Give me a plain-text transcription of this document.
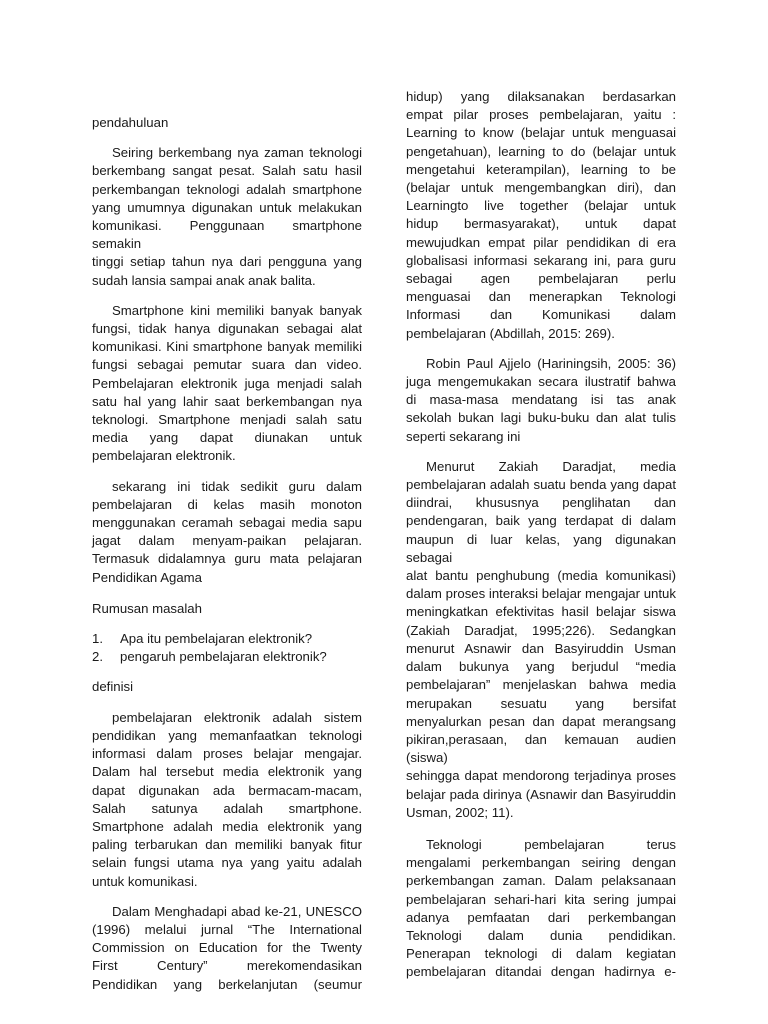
pendahuluan

Seiring berkembang nya zaman teknologi

berkembang sangat pesat. Salah satu hasil

perkembangan teknologi adalah smartphone

yang umumnya digunakan untuk melakukan

komunikasi. Penggunaan smartphone semakin

tinggi setiap tahun nya dari pengguna yang

sudah lansia sampai anak anak balita.

Smartphone kini memiliki banyak banyak

fungsi, tidak hanya digunakan sebagai alat

komunikasi. Kini smartphone banyak memiliki

fungsi sebagai pemutar suara dan video.

Pembelajaran elektronik juga menjadi salah

satu hal yang lahir saat berkembangan nya

teknologi. Smartphone menjadi salah satu

media yang dapat diunakan untuk

pembelajaran elektronik.

sekarang ini tidak sedikit guru dalam

pembelajaran di kelas masih monoton

menggunakan ceramah sebagai media sapu

jagat dalam menyam-paikan pelajaran.

Termasuk didalamnya guru mata pelajaran

Pendidikan Agama

Rumusan masalah

1.	Apa itu pembelajaran elektronik?
2.	pengaruh pembelajaran elektronik?

definisi

pembelajaran elektronik adalah sistem

pendidikan yang memanfaatkan teknologi

informasi dalam proses belajar mengajar.

Dalam hal tersebut media elektronik yang

dapat digunakan ada bermacam-macam,

Salah satunya adalah smartphone.

Smartphone adalah media elektronik yang

paling terbarukan dan memiliki banyak fitur

selain fungsi utama nya yang yaitu adalah

untuk komunikasi.

Dalam Menghadapi abad ke-21, UNESCO

(1996) melalui jurnal “The International

Commission on Education for the Twenty

First Century” merekomendasikan

Pendidikan yang berkelanjutan (seumur

hidup) yang dilaksanakan berdasarkan

empat pilar proses pembelajaran, yaitu :

Learning to know (belajar untuk menguasai

pengetahuan), learning to do (belajar untuk

mengetahui keterampilan), learning to be

(belajar untuk mengembangkan diri), dan

Learningto live together (belajar untuk

hidup bermasyarakat), untuk dapat

mewujudkan empat pilar pendidikan di era

globalisasi informasi sekarang ini, para guru

sebagai agen pembelajaran perlu

menguasai dan menerapkan Teknologi

Informasi dan Komunikasi dalam

pembelajaran (Abdillah, 2015: 269).

Robin Paul Ajjelo (Hariningsih, 2005: 36)

juga mengemukakan secara ilustratif bahwa

di masa-masa mendatang isi tas anak

sekolah bukan lagi buku-buku dan alat tulis

seperti sekarang ini

Menurut Zakiah Daradjat, media

pembelajaran adalah suatu benda yang dapat

diindrai, khususnya penglihatan dan

pendengaran, baik yang terdapat di dalam

maupun di luar kelas, yang digunakan sebagai

alat bantu penghubung (media komunikasi)

dalam proses interaksi belajar mengajar untuk

meningkatkan efektivitas hasil belajar siswa

(Zakiah Daradjat, 1995;226). Sedangkan

menurut Asnawir dan Basyiruddin Usman

dalam bukunya yang berjudul “media

pembelajaran” menjelaskan bahwa media

merupakan sesuatu yang bersifat

menyalurkan pesan dan dapat merangsang

pikiran,perasaan, dan kemauan audien (siswa)

sehingga dapat mendorong terjadinya proses

belajar pada dirinya (Asnawir dan Basyiruddin

Usman, 2002; 11).

Teknologi pembelajaran terus

mengalami perkembangan seiring dengan

perkembangan zaman. Dalam pelaksanaan

pembelajaran sehari-hari kita sering jumpai

adanya pemfaatan dari perkembangan

Teknologi dalam dunia pendidikan.

Penerapan teknologi di dalam kegiatan

pembelajaran ditandai dengan hadirnya e-
